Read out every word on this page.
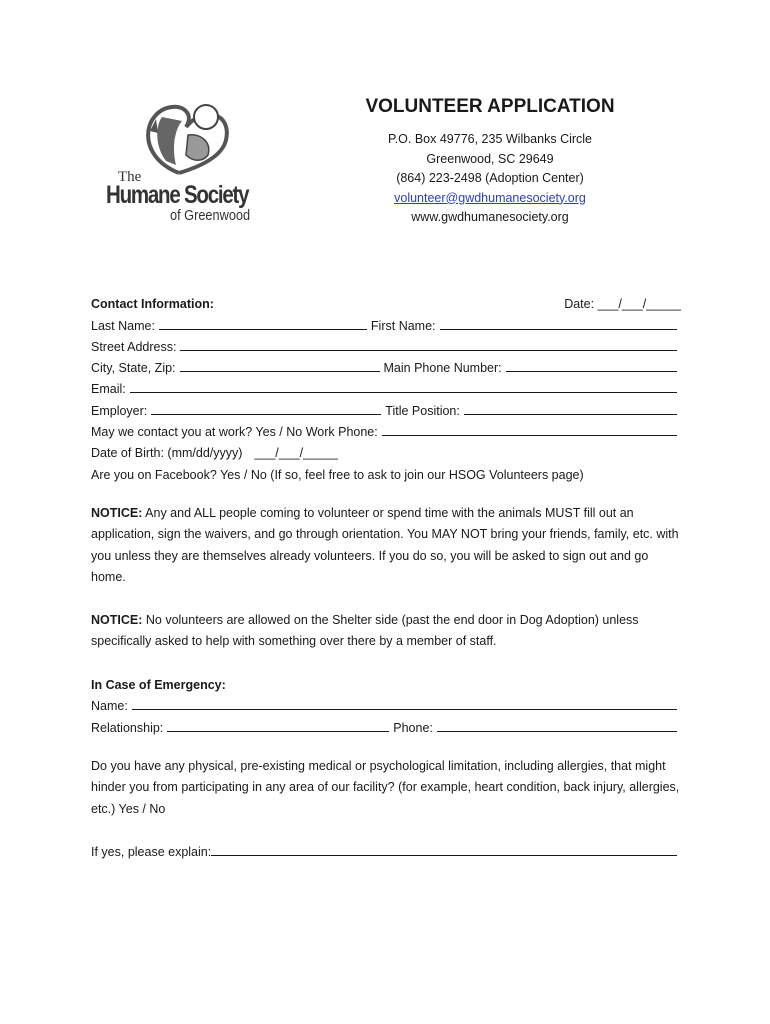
The
Humane Society
of Greenwood
VOLUNTEER APPLICATION
P.O. Box 49776, 235 Wilbanks Circle
Greenwood, SC 29649
(864) 223-2498 (Adoption Center)
volunteer@gwdhumanesociety.org
www.gwdhumanesociety.org
Contact Information:	Date: ___/___/_____
Last Name:	First Name:
Street Address:
City, State, Zip:	Main Phone Number:
Email:
Employer:	Title Position:
May we contact you at work? Yes / No Work Phone:
Date of Birth: (mm/dd/yyyy) ___/___/_____
Are you on Facebook? Yes / No (If so, feel free to ask to join our HSOG Volunteers page)
NOTICE: Any and ALL people coming to volunteer or spend time with the animals MUST fill out an application, sign the waivers, and go through orientation. You MAY NOT bring your friends, family, etc. with you unless they are themselves already volunteers. If you do so, you will be asked to sign out and go home.
NOTICE: No volunteers are allowed on the Shelter side (past the end door in Dog Adoption) unless specifically asked to help with something over there by a member of staff.
In Case of Emergency:
Name:
Relationship:	Phone:
Do you have any physical, pre-existing medical or psychological limitation, including allergies, that might hinder you from participating in any area of our facility? (for example, heart condition, back injury, allergies, etc.) Yes / No
If yes, please explain:
